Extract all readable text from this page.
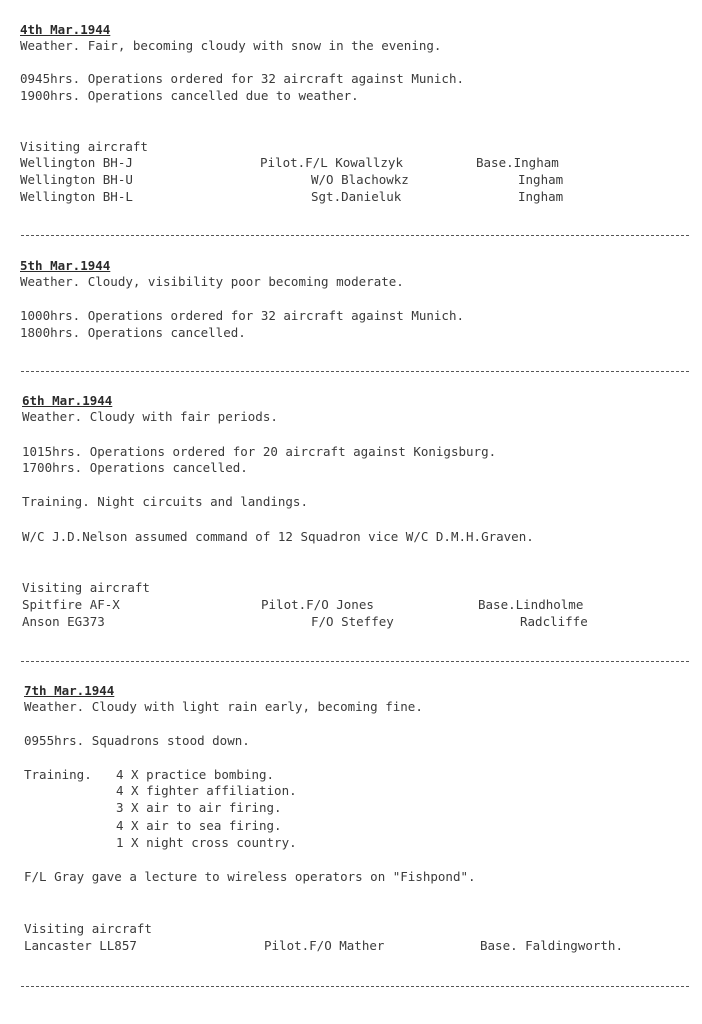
4th Mar.1944
Weather. Fair, becoming cloudy with snow in the evening.
0945hrs. Operations ordered for 32 aircraft against Munich.
1900hrs. Operations cancelled due to weather.
Visiting aircraft
Wellington BH-J	Pilot.F/L Kowallzyk	Base.Ingham
Wellington BH-U	W/O Blachowkz	Ingham
Wellington BH-L	Sgt.Danieluk	Ingham
5th Mar.1944
Weather. Cloudy, visibility poor becoming moderate.
1000hrs. Operations ordered for 32 aircraft against Munich.
1800hrs. Operations cancelled.
6th Mar.1944
Weather. Cloudy with fair periods.
1015hrs. Operations ordered for 20 aircraft against Konigsburg.
1700hrs. Operations cancelled.
Training. Night circuits and landings.
W/C J.D.Nelson assumed command of 12 Squadron vice W/C D.M.H.Graven.
Visiting aircraft
Spitfire AF-X	Pilot.F/O Jones	Base.Lindholme
Anson EG373	F/O Steffey	Radcliffe
7th Mar.1944
Weather. Cloudy with light rain early, becoming fine.
0955hrs. Squadrons stood down.
Training. 4 X practice bombing.
4 X fighter affiliation.
3 X air to air firing.
4 X air to sea firing.
1 X night cross country.
F/L Gray gave a lecture to wireless operators on "Fishpond".
Visiting aircraft
Lancaster LL857	Pilot.F/O Mather	Base. Faldingworth.
